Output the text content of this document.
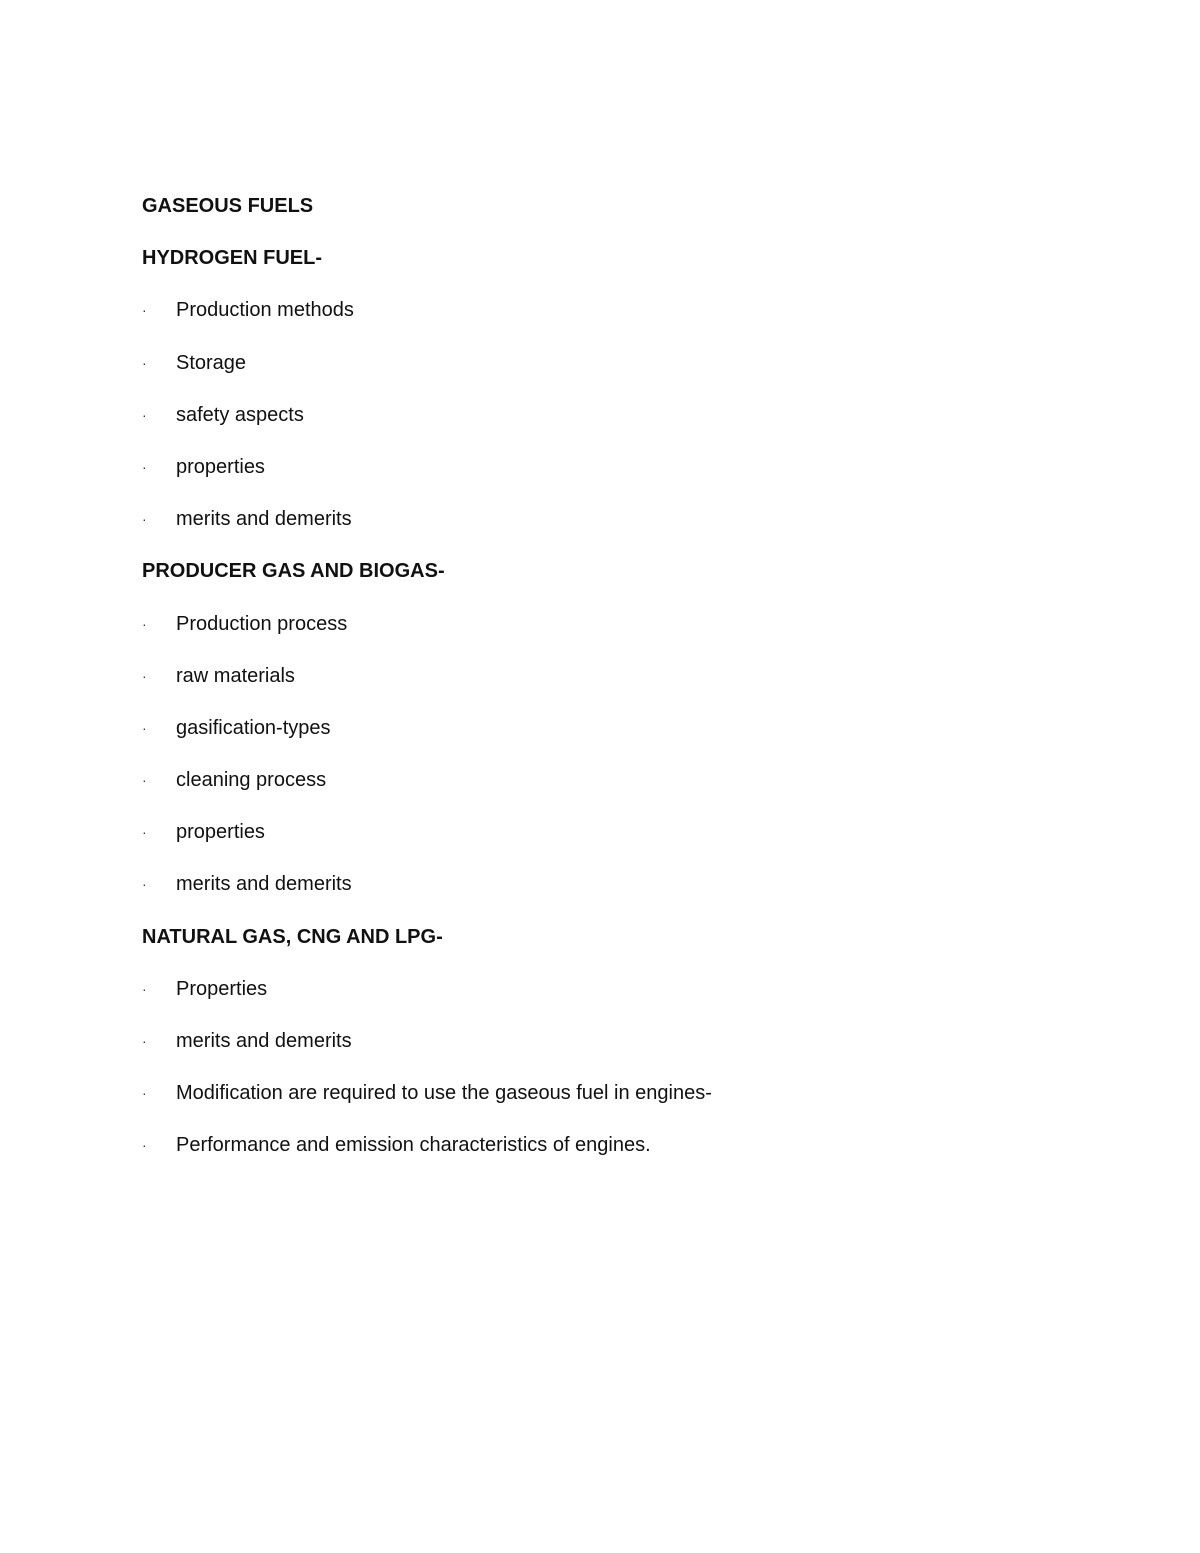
GASEOUS FUELS
HYDROGEN FUEL-
· Production methods
· Storage
· safety aspects
· properties
· merits and demerits
PRODUCER GAS AND BIOGAS-
· Production process
· raw materials
· gasification-types
· cleaning process
· properties
· merits and demerits
NATURAL GAS, CNG AND LPG-
· Properties
· merits and demerits
· Modification are required to use the gaseous fuel in engines-
· Performance and emission characteristics of engines.
